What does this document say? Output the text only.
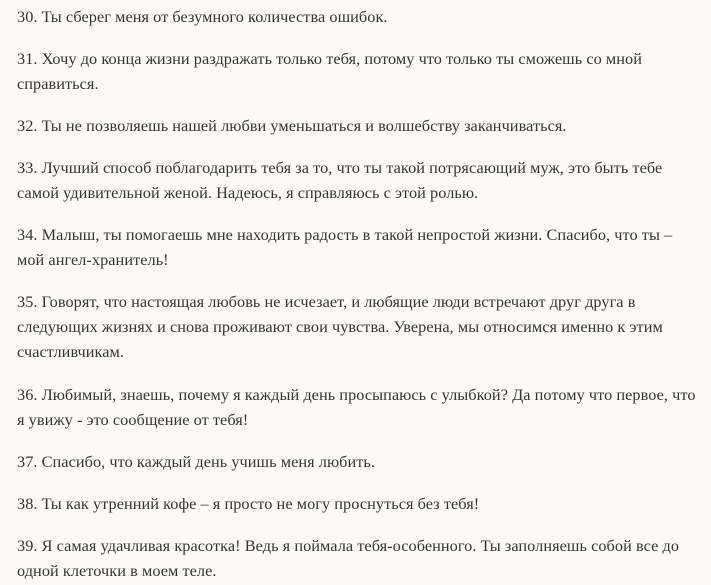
30. Ты сберег меня от безумного количества ошибок.

31. Хочу до конца жизни раздражать только тебя, потому что только ты сможешь со мной справиться.

32. Ты не позволяешь нашей любви уменьшаться и волшебству заканчиваться.

33. Лучший способ поблагодарить тебя за то, что ты такой потрясающий муж, это быть тебе самой удивительной женой. Надеюсь, я справляюсь с этой ролью.

34. Малыш, ты помогаешь мне находить радость в такой непростой жизни. Спасибо, что ты – мой ангел-хранитель!

35. Говорят, что настоящая любовь не исчезает, и любящие люди встречают друг друга в следующих жизнях и снова проживают свои чувства. Уверена, мы относимся именно к этим счастливчикам.

36. Любимый, знаешь, почему я каждый день просыпаюсь с улыбкой? Да потому что первое, что я увижу - это сообщение от тебя!

37. Спасибо, что каждый день учишь меня любить.

38. Ты как утренний кофе – я просто не могу проснуться без тебя!

39. Я самая удачливая красотка! Ведь я поймала тебя-особенного. Ты заполняешь собой все до одной клеточки в моем теле.
